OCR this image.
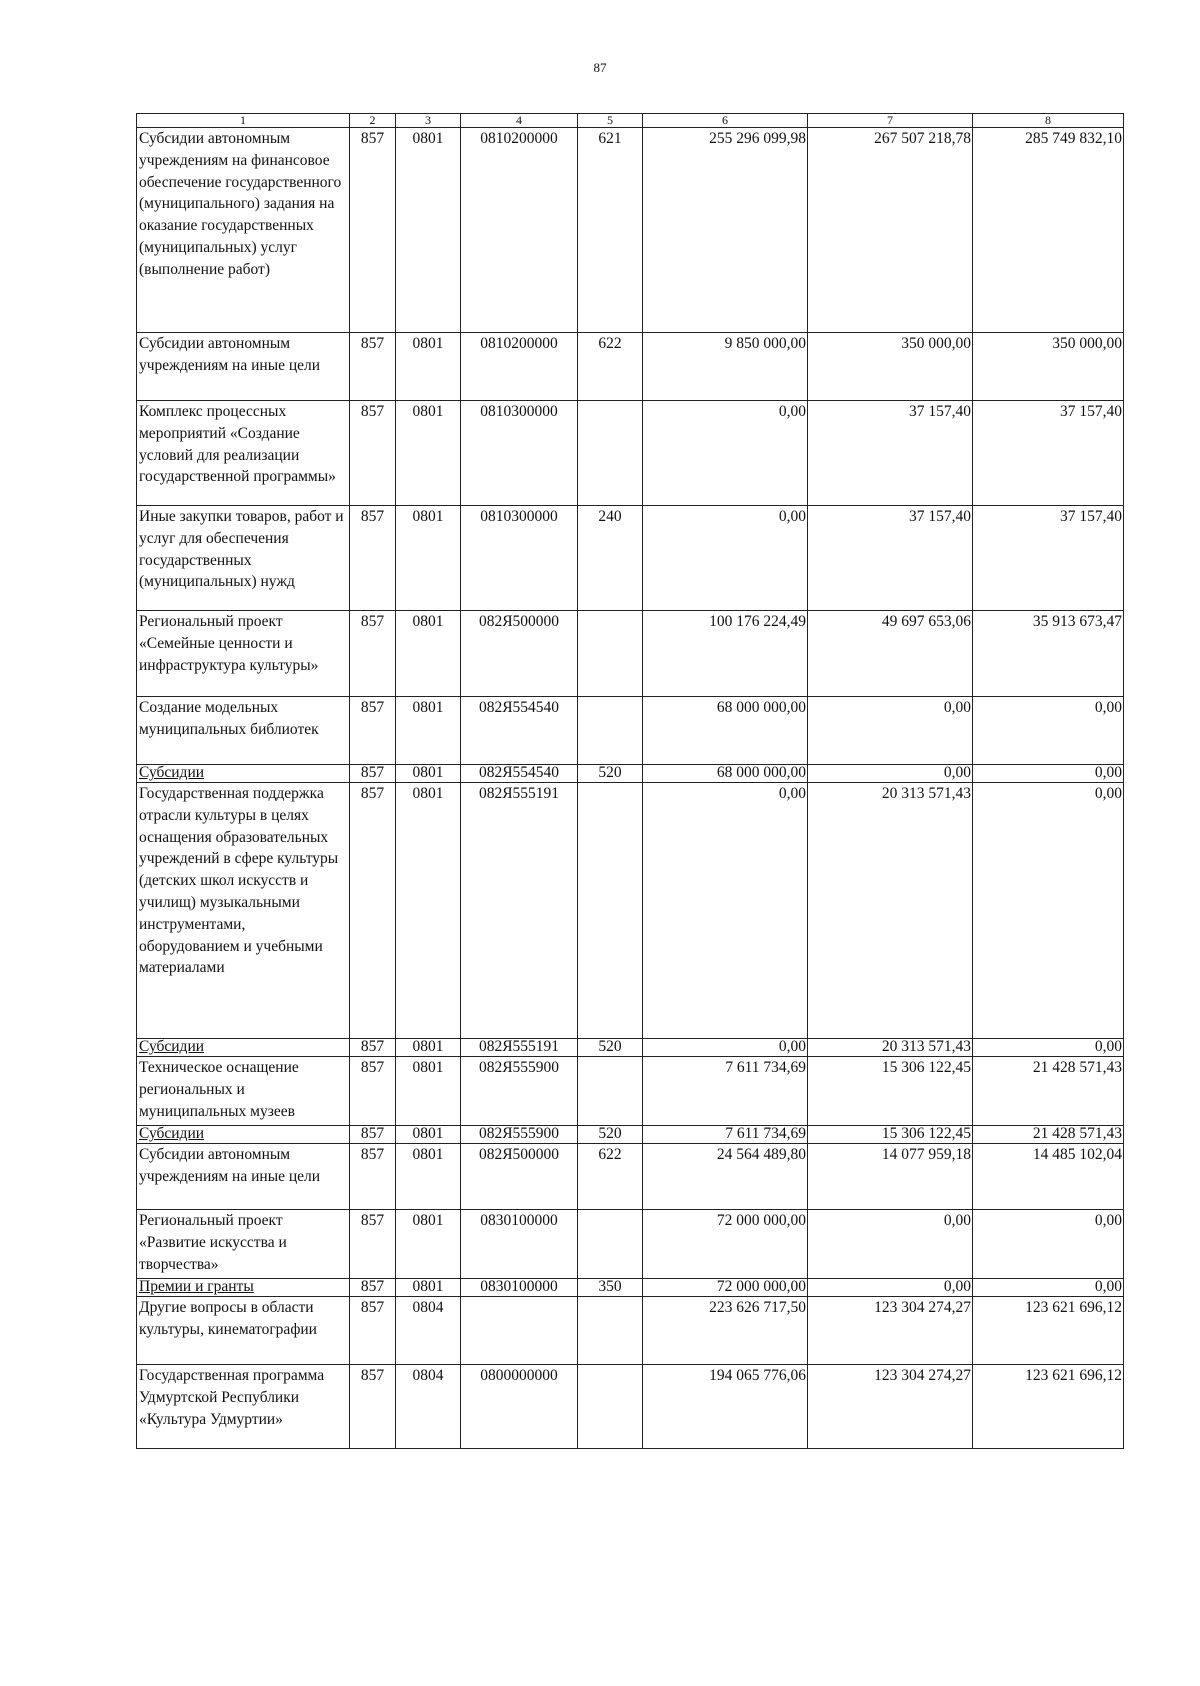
87
1	2	3	4	5	6	7	8
Субсидии автономным учреждениям на финансовое обеспечение государственного (муниципального) задания на оказание государственных (муниципальных) услуг (выполнение работ)	857	0801	0810200000	621	255 296 099,98	267 507 218,78	285 749 832,10
Субсидии автономным учреждениям на иные цели	857	0801	0810200000	622	9 850 000,00	350 000,00	350 000,00
Комплекс процессных мероприятий «Создание условий для реализации государственной программы»	857	0801	0810300000		0,00	37 157,40	37 157,40
Иные закупки товаров, работ и услуг для обеспечения государственных (муниципальных) нужд	857	0801	0810300000	240	0,00	37 157,40	37 157,40
Региональный проект «Семейные ценности и инфраструктура культуры»	857	0801	082Я500000		100 176 224,49	49 697 653,06	35 913 673,47
Создание модельных муниципальных библиотек	857	0801	082Я554540		68 000 000,00	0,00	0,00
Субсидии	857	0801	082Я554540	520	68 000 000,00	0,00	0,00
Государственная поддержка отрасли культуры в целях оснащения образовательных учреждений в сфере культуры (детских школ искусств и училищ) музыкальными инструментами, оборудованием и учебными материалами	857	0801	082Я555191		0,00	20 313 571,43	0,00
Субсидии	857	0801	082Я555191	520	0,00	20 313 571,43	0,00
Техническое оснащение региональных и муниципальных музеев	857	0801	082Я555900		7 611 734,69	15 306 122,45	21 428 571,43
Субсидии	857	0801	082Я555900	520	7 611 734,69	15 306 122,45	21 428 571,43
Субсидии автономным учреждениям на иные цели	857	0801	082Я500000	622	24 564 489,80	14 077 959,18	14 485 102,04
Региональный проект «Развитие искусства и творчества»	857	0801	0830100000		72 000 000,00	0,00	0,00
Премии и гранты	857	0801	0830100000	350	72 000 000,00	0,00	0,00
Другие вопросы в области культуры, кинематографии	857	0804			223 626 717,50	123 304 274,27	123 621 696,12
Государственная программа Удмуртской Республики «Культура Удмуртии»	857	0804	0800000000		194 065 776,06	123 304 274,27	123 621 696,12
